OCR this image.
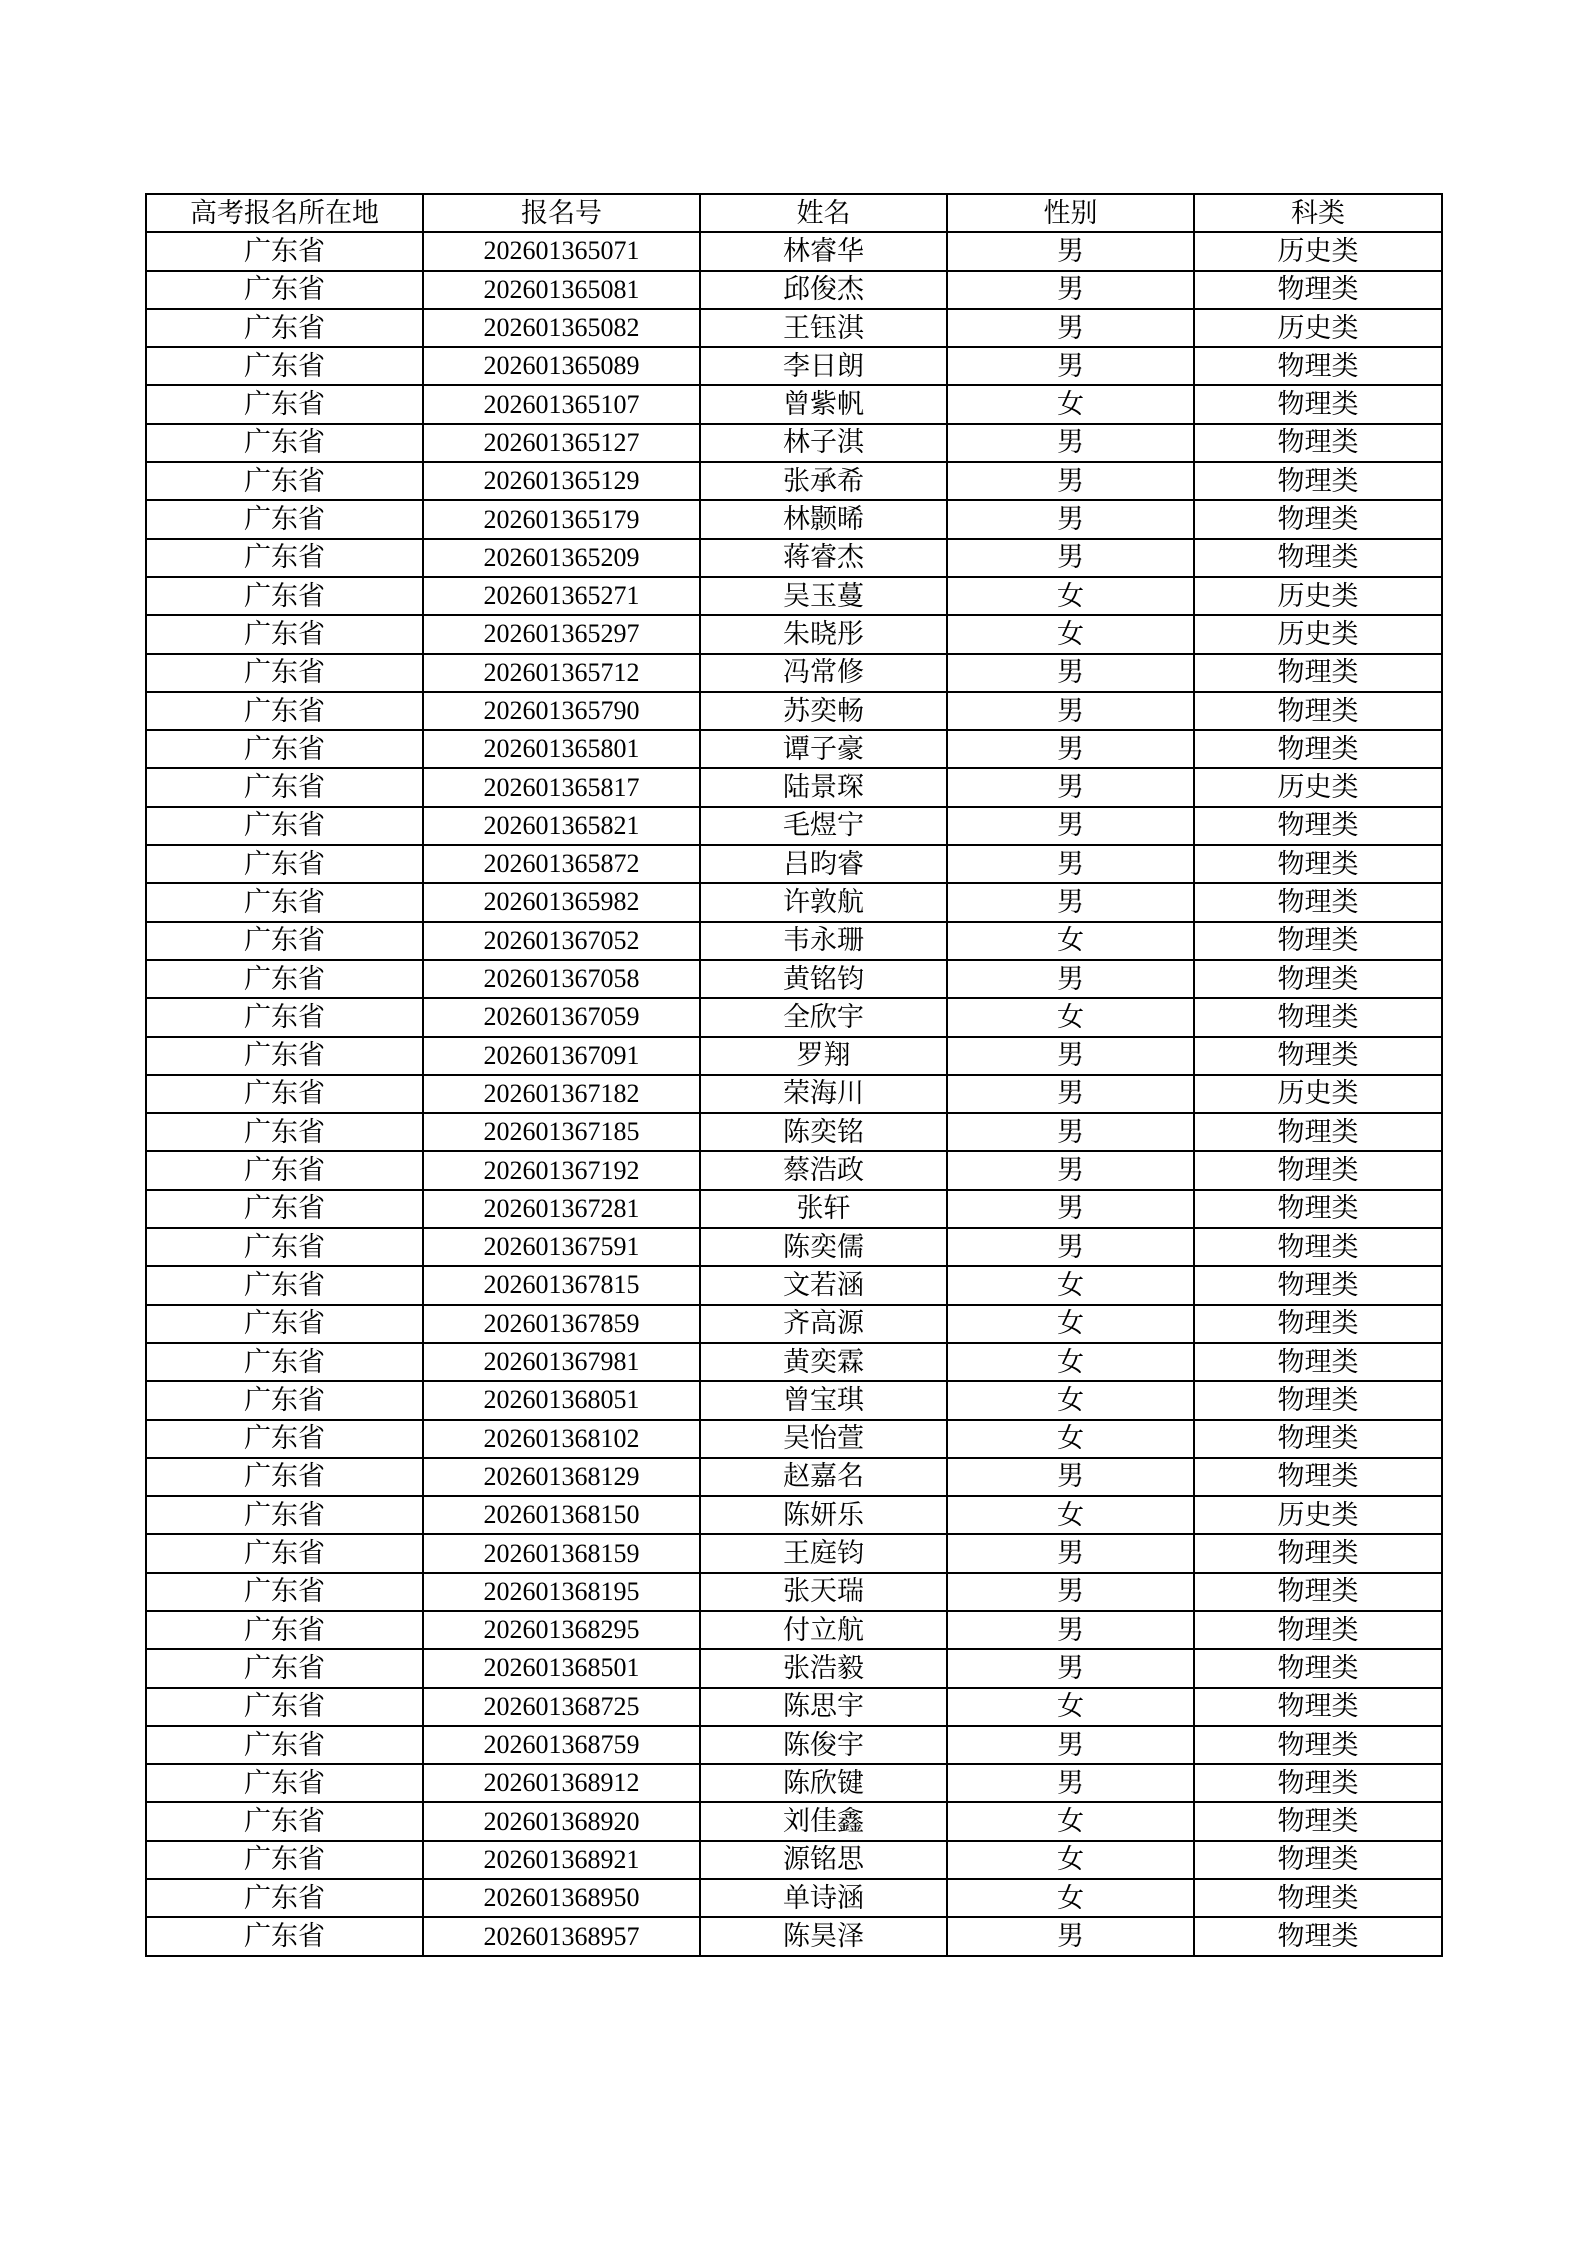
高考报名所在地	报名号	姓名	性别	科类
广东省	202601365071	林睿华	男	历史类
广东省	202601365081	邱俊杰	男	物理类
广东省	202601365082	王钰淇	男	历史类
广东省	202601365089	李日朗	男	物理类
广东省	202601365107	曾紫帆	女	物理类
广东省	202601365127	林子淇	男	物理类
广东省	202601365129	张承希	男	物理类
广东省	202601365179	林颢晞	男	物理类
广东省	202601365209	蒋睿杰	男	物理类
广东省	202601365271	吴玉蔓	女	历史类
广东省	202601365297	朱晓彤	女	历史类
广东省	202601365712	冯常修	男	物理类
广东省	202601365790	苏奕畅	男	物理类
广东省	202601365801	谭子豪	男	物理类
广东省	202601365817	陆景琛	男	历史类
广东省	202601365821	毛煜宁	男	物理类
广东省	202601365872	吕昀睿	男	物理类
广东省	202601365982	许敦航	男	物理类
广东省	202601367052	韦永珊	女	物理类
广东省	202601367058	黄铭钧	男	物理类
广东省	202601367059	全欣宇	女	物理类
广东省	202601367091	罗翔	男	物理类
广东省	202601367182	荣海川	男	历史类
广东省	202601367185	陈奕铭	男	物理类
广东省	202601367192	蔡浩政	男	物理类
广东省	202601367281	张轩	男	物理类
广东省	202601367591	陈奕儒	男	物理类
广东省	202601367815	文若涵	女	物理类
广东省	202601367859	齐高源	女	物理类
广东省	202601367981	黄奕霖	女	物理类
广东省	202601368051	曾宝琪	女	物理类
广东省	202601368102	吴怡萱	女	物理类
广东省	202601368129	赵嘉名	男	物理类
广东省	202601368150	陈妍乐	女	历史类
广东省	202601368159	王庭钧	男	物理类
广东省	202601368195	张天瑞	男	物理类
广东省	202601368295	付立航	男	物理类
广东省	202601368501	张浩毅	男	物理类
广东省	202601368725	陈思宇	女	物理类
广东省	202601368759	陈俊宇	男	物理类
广东省	202601368912	陈欣键	男	物理类
广东省	202601368920	刘佳鑫	女	物理类
广东省	202601368921	源铭思	女	物理类
广东省	202601368950	单诗涵	女	物理类
广东省	202601368957	陈昊泽	男	物理类
